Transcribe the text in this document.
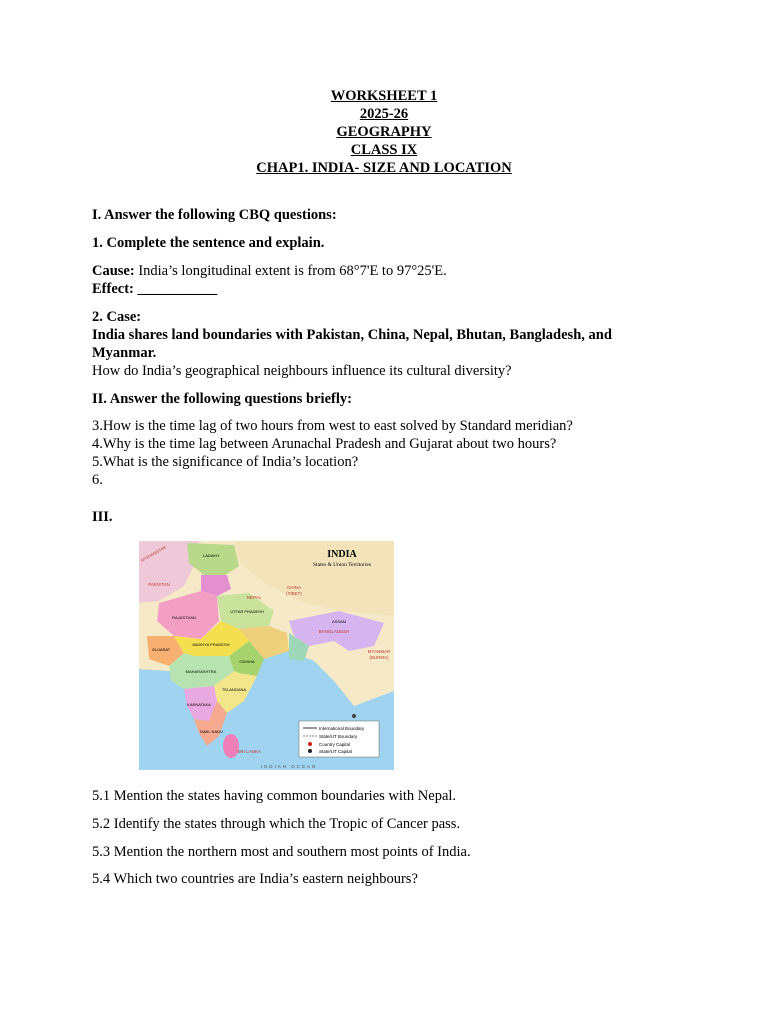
WORKSHEET 1
2025-26
GEOGRAPHY
CLASS IX
CHAP1. INDIA- SIZE AND LOCATION
I. Answer the following CBQ questions:
1. Complete the sentence and explain.
Cause: India’s longitudinal extent is from 68°7'E to 97°25'E.
Effect: ___________
2. Case:
India shares land boundaries with Pakistan, China, Nepal, Bhutan, Bangladesh, and Myanmar.
How do India’s geographical neighbours influence its cultural diversity?
II. Answer the following questions briefly:
3.How is the time lag of two hours from west to east solved by Standard meridian?
4.Why is the time lag between Arunachal Pradesh and Gujarat about two hours?
5.What is the significance of India’s location?
6.
III.
International Boundary
State/UT Boundary
Country Capital
State/UT Capital
INDIA
States & Union Territories
CHINA
(TIBET)
PAKISTAN
AFGHANISTAN
NEPAL
BANGLADESH
MYANMAR
(BURMA)
SRI LANKA
INDIAN OCEAN
LADAKH
RAJASTHAN
UTTAR PRADESH
GUJARAT
MADHYA PRADESH
MAHARASHTRA
TELANGANA
KARNATAKA
TAMIL NADU
ODISHA
ASSAM
5.1 Mention the states having common boundaries with Nepal.
5.2 Identify the states through which the Tropic of Cancer pass.
5.3 Mention the northern most and southern most points of India.
5.4 Which two countries are India’s eastern neighbours?
